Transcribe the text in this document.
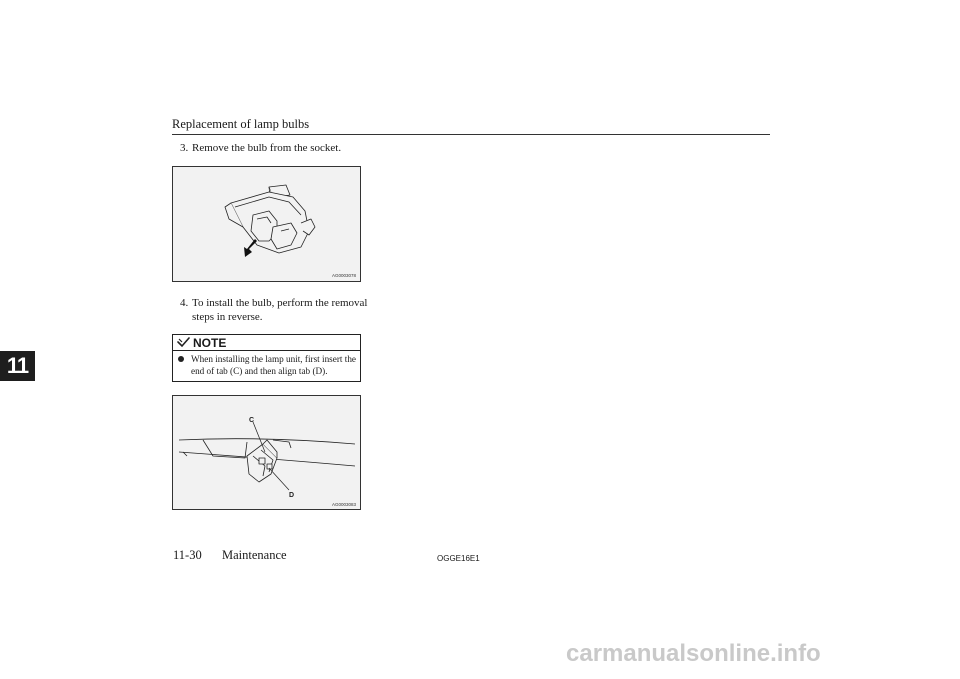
Replacement of lamp bulbs
11
3. Remove the bulb from the socket.
AG0003078
4. To install the bulb, perform the removal
steps in reverse.
NOTE
When installing the lamp unit, first insert the end of tab (C) and then align tab (D).
C
D
AG0003083
11-30 Maintenance	OGGE16E1
carmanualsonline.info
